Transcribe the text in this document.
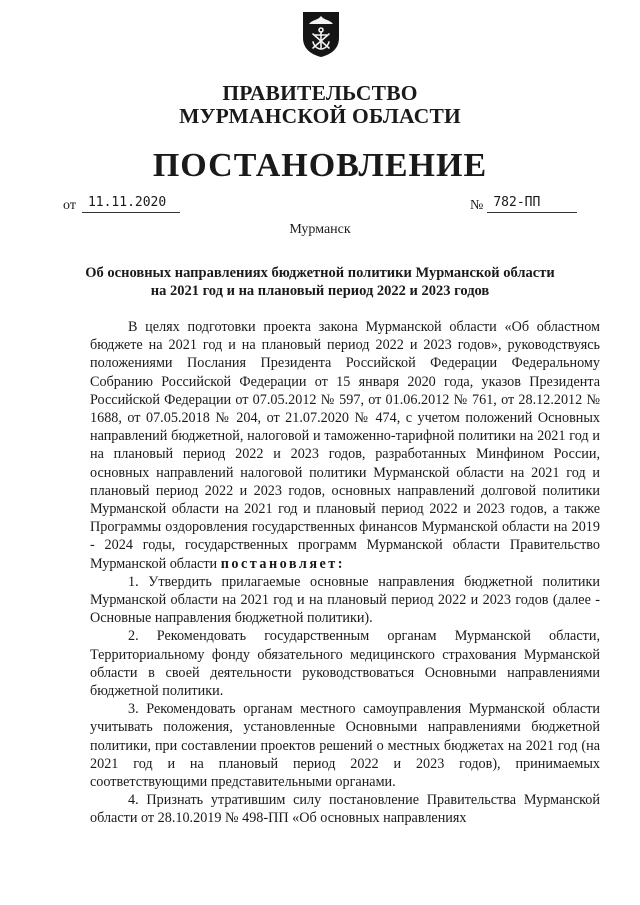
ПРАВИТЕЛЬСТВО
МУРМАНСКОЙ ОБЛАСТИ
ПОСТАНОВЛЕНИЕ
от 11.11.2020	№ 782-ПП
Мурманск
Об основных направлениях бюджетной политики Мурманской области
на 2021 год и на плановый период 2022 и 2023 годов

В целях подготовки проекта закона Мурманской области «Об областном бюджете на 2021 год и на плановый период 2022 и 2023 годов», руководствуясь положениями Послания Президента Российской Федерации Федеральному Собранию Российской Федерации от 15 января 2020 года, указов Президента Российской Федерации от 07.05.2012 № 597, от 01.06.2012 № 761, от 28.12.2012 № 1688, от 07.05.2018 № 204, от 21.07.2020 № 474, с учетом положений Основных направлений бюджетной, налоговой и таможенно-тарифной политики на 2021 год и на плановый период 2022 и 2023 годов, разработанных Минфином России, основных направлений налоговой политики Мурманской области на 2021 год и плановый период 2022 и 2023 годов, основных направлений долговой политики Мурманской области на 2021 год и плановый период 2022 и 2023 годов, а также Программы оздоровления государственных финансов Мурманской области на 2019 - 2024 годы, государственных программ Мурманской области Правительство Мурманской области постановляет:

1. Утвердить прилагаемые основные направления бюджетной политики Мурманской области на 2021 год и на плановый период 2022 и 2023 годов (далее - Основные направления бюджетной политики).

2. Рекомендовать государственным органам Мурманской области, Территориальному фонду обязательного медицинского страхования Мурманской области в своей деятельности руководствоваться Основными направлениями бюджетной политики.

3. Рекомендовать органам местного самоуправления Мурманской области учитывать положения, установленные Основными направлениями бюджетной политики, при составлении проектов решений о местных бюджетах на 2021 год (на 2021 год и на плановый период 2022 и 2023 годов), принимаемых соответствующими представительными органами.

4. Признать утратившим силу постановление Правительства Мурманской области от 28.10.2019 № 498-ПП «Об основных направлениях
